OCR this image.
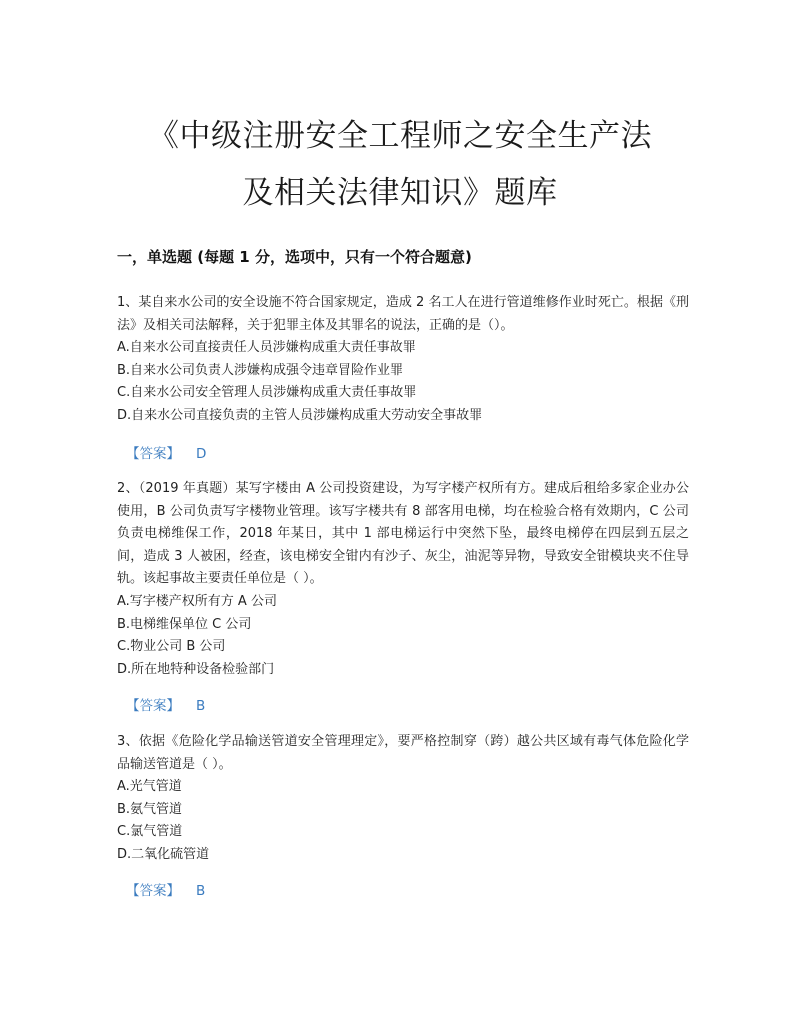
《中级注册安全工程师之安全生产法
及相关法律知识》题库
一，单选题 (每题 1 分，选项中，只有一个符合题意)
1、某自来水公司的安全设施不符合国家规定，造成 2 名工人在进行管道维修作业时死亡。根据《刑法》及相关司法解释，关于犯罪主体及其罪名的说法，正确的是（）。
A.自来水公司直接责任人员涉嫌构成重大责任事故罪
B.自来水公司负责人涉嫌构成强令违章冒险作业罪
C.自来水公司安全管理人员涉嫌构成重大责任事故罪
D.自来水公司直接负责的主管人员涉嫌构成重大劳动安全事故罪
【答案】 D
2、（2019 年真题）某写字楼由 A 公司投资建设，为写字楼产权所有方。建成后租给多家企业办公使用，B 公司负责写字楼物业管理。该写字楼共有 8 部客用电梯，均在检验合格有效期内，C 公司负责电梯维保工作，2018 年某日，其中 1 部电梯运行中突然下坠，最终电梯停在四层到五层之间，造成 3 人被困，经查，该电梯安全钳内有沙子、灰尘，油泥等异物，导致安全钳模块夹不住导轨。该起事故主要责任单位是（ ）。
A.写字楼产权所有方 A 公司
B.电梯维保单位 C 公司
C.物业公司 B 公司
D.所在地特种设备检验部门
【答案】 B
3、依据《危险化学品输送管道安全管理理定》，要严格控制穿（跨）越公共区域有毒气体危险化学品输送管道是（ ）。
A.光气管道
B.氨气管道
C.氯气管道
D.二氧化硫管道
【答案】 B
